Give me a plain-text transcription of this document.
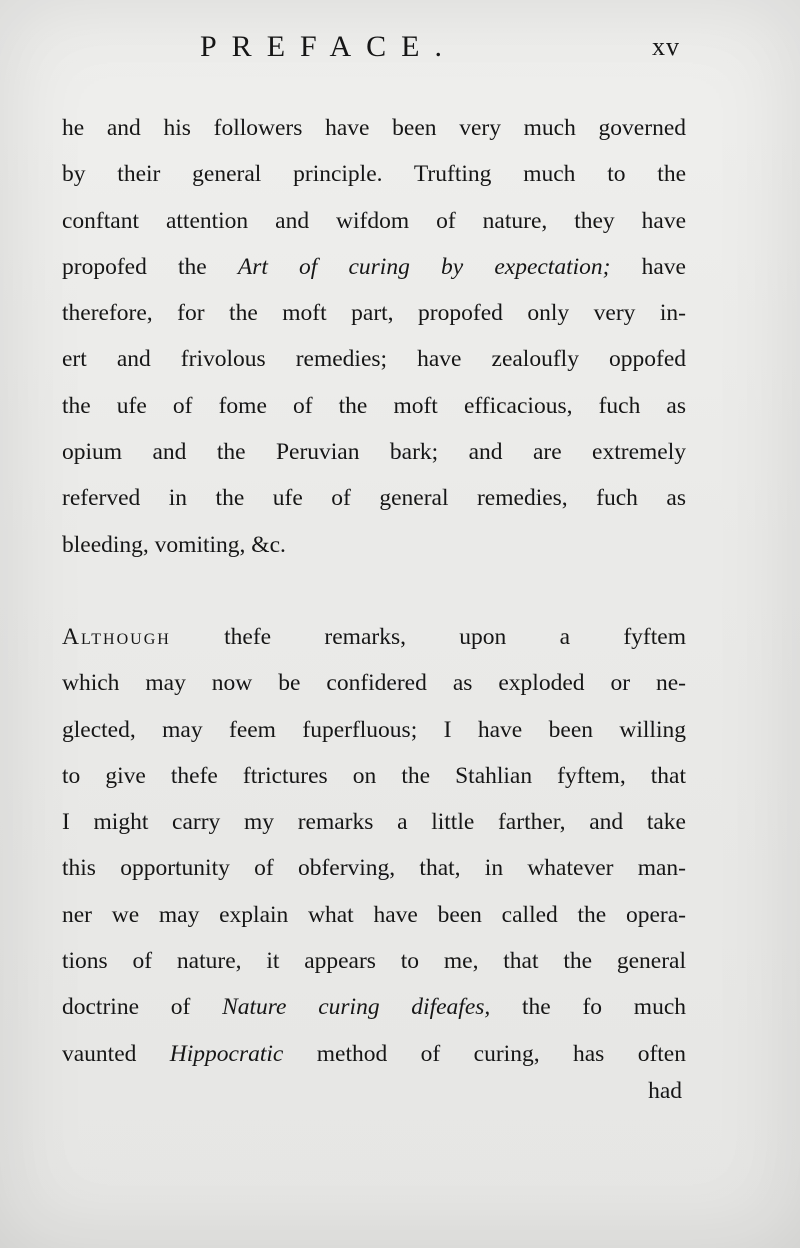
PREFACE.	xv
he and his followers have been very much governed
by their general principle. Trufting much to the
conftant attention and wifdom of nature, they have
propofed the Art of curing by expectation; have
therefore, for the moft part, propofed only very in-
ert and frivolous remedies; have zealoufly oppofed
the ufe of fome of the moft efficacious, fuch as
opium and the Peruvian bark; and are extremely
referved in the ufe of general remedies, fuch as
bleeding, vomiting, &c.
Although thefe remarks, upon a fyftem
which may now be confidered as exploded or ne-
glected, may feem fuperfluous; I have been willing
to give thefe ftrictures on the Stahlian fyftem, that
I might carry my remarks a little farther, and take
this opportunity of obferving, that, in whatever man-
ner we may explain what have been called the opera-
tions of nature, it appears to me, that the general
doctrine of Nature curing difeafes, the fo much
vaunted Hippocratic method of curing, has often
had
